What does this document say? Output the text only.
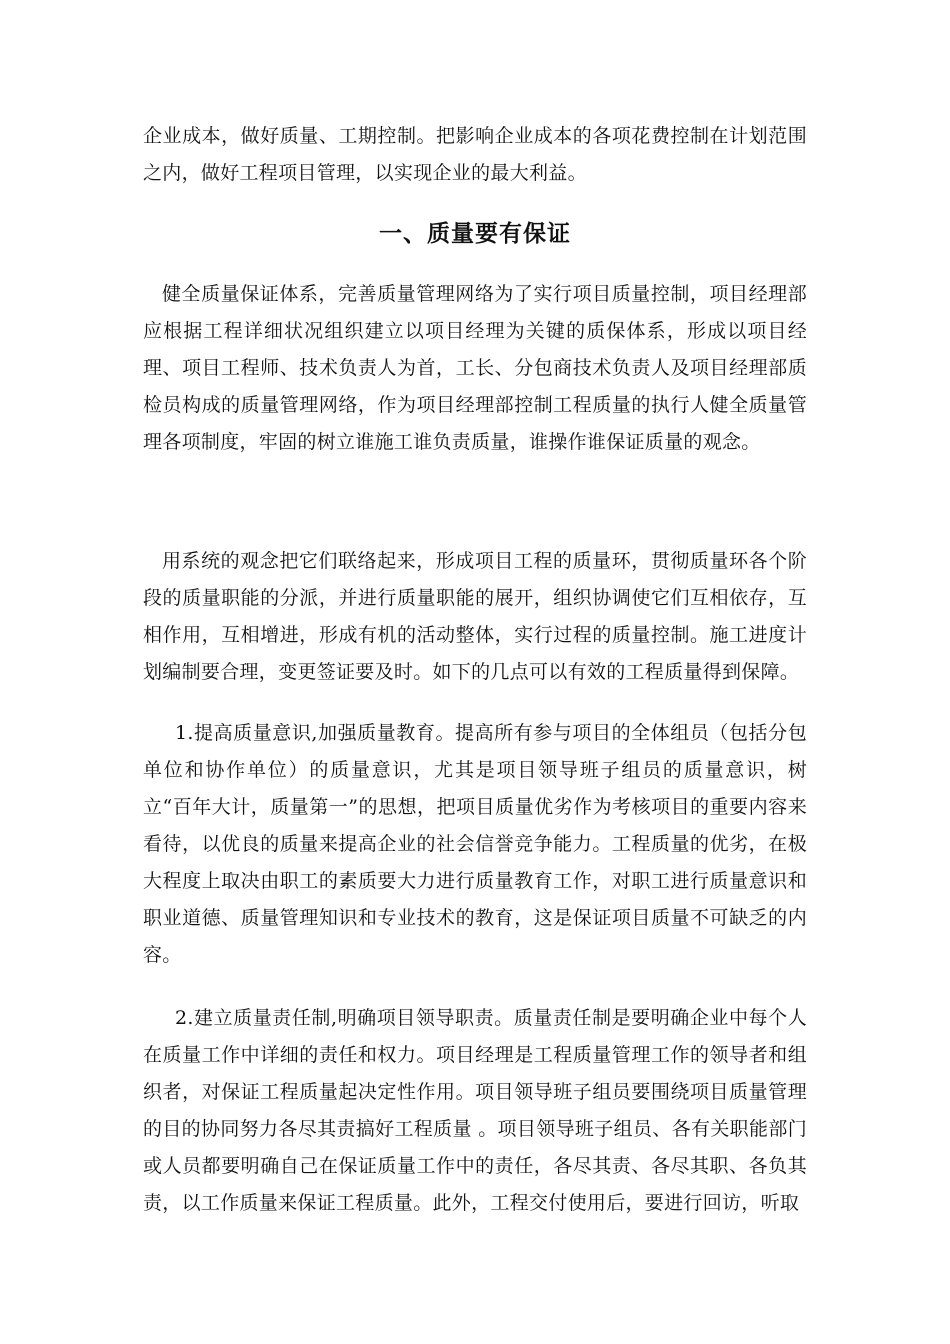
企业成本，做好质量、工期控制。把影响企业成本的各项花费控制在计划范围之内，做好工程项目管理，以实现企业的最大利益。

一、质量要有保证

健全质量保证体系，完善质量管理网络为了实行项目质量控制，项目经理部应根据工程详细状况组织建立以项目经理为关键的质保体系，形成以项目经理、项目工程师、技术负责人为首，工长、分包商技术负责人及项目经理部质检员构成的质量管理网络，作为项目经理部控制工程质量的执行人健全质量管理各项制度，牢固的树立谁施工谁负责质量，谁操作谁保证质量的观念。

用系统的观念把它们联络起来，形成项目工程的质量环，贯彻质量环各个阶段的质量职能的分派，并进行质量职能的展开，组织协调使它们互相依存，互相作用，互相增进，形成有机的活动整体，实行过程的质量控制。施工进度计划编制要合理，变更签证要及时。如下的几点可以有效的工程质量得到保障。

1.提高质量意识,加强质量教育。提高所有参与项目的全体组员（包括分包单位和协作单位）的质量意识，尤其是项目领导班子组员的质量意识，树立“百年大计，质量第一”的思想，把项目质量优劣作为考核项目的重要内容来看待，以优良的质量来提高企业的社会信誉竞争能力。工程质量的优劣，在极大程度上取决由职工的素质要大力进行质量教育工作，对职工进行质量意识和职业道德、质量管理知识和专业技术的教育，这是保证项目质量不可缺乏的内容。

2.建立质量责任制,明确项目领导职责。质量责任制是要明确企业中每个人在质量工作中详细的责任和权力。项目经理是工程质量管理工作的领导者和组织者，对保证工程质量起决定性作用。项目领导班子组员要围绕项目质量管理的目的协同努力各尽其责搞好工程质量 。项目领导班子组员、各有关职能部门或人员都要明确自己在保证质量工作中的责任，各尽其责、各尽其职、各负其责，以工作质量来保证工程质量。此外，工程交付使用后，要进行回访，听取
